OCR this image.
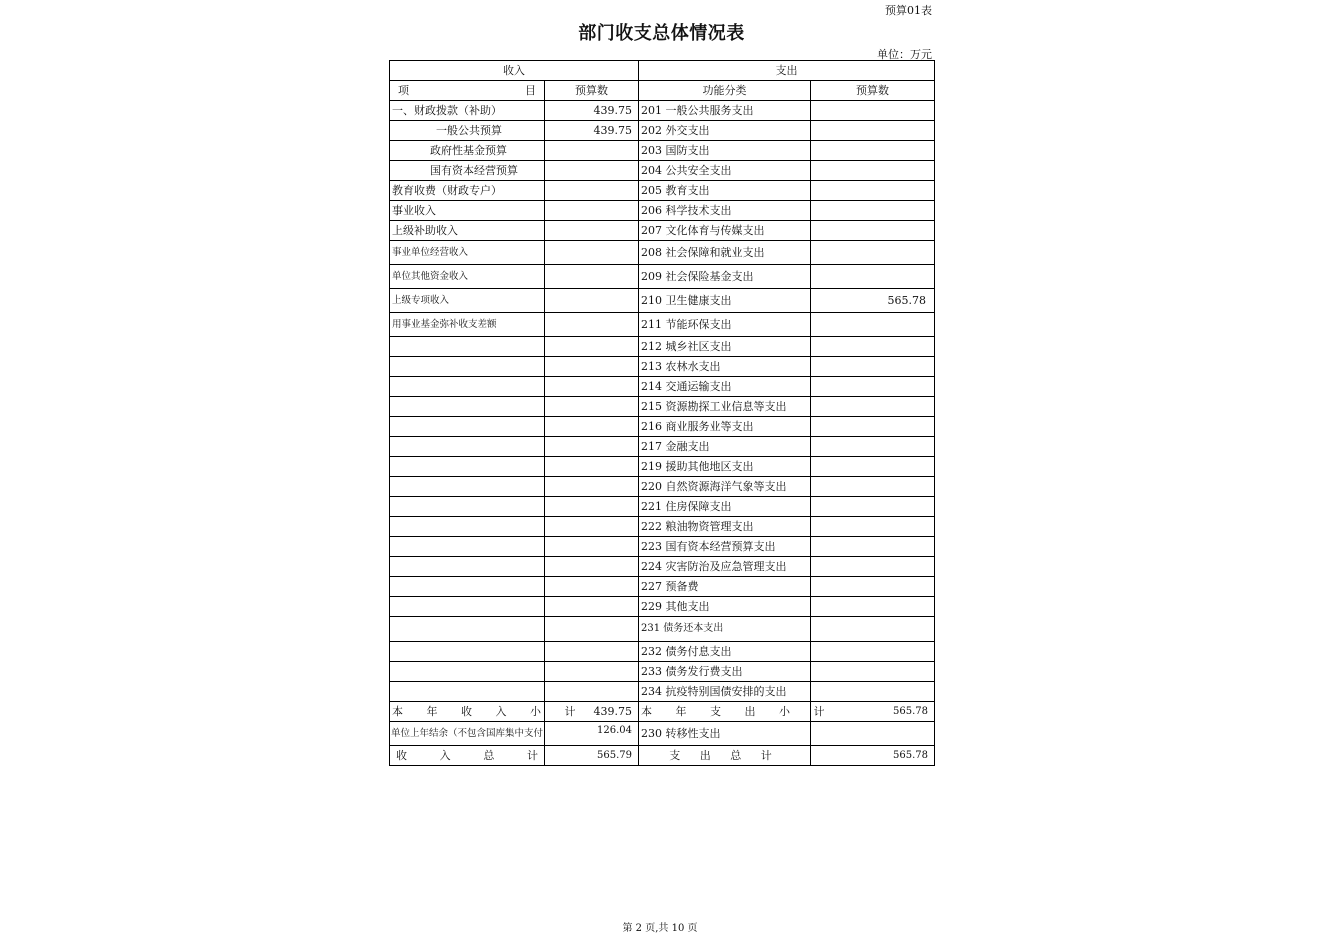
预算01表
部门收支总体情况表
单位：万元
收入		支出	

项 目	预算数	功能分类	预算数
一、财政拨款（补助）	439.75	201 一般公共服务支出	
一般公共预算	439.75	202 外交支出	
政府性基金预算		203 国防支出	
国有资本经营预算		204 公共安全支出	
教育收费（财政专户）		205 教育支出	
事业收入		206 科学技术支出	
上级补助收入		207 文化体育与传媒支出	
事业单位经营收入		208 社会保障和就业支出	
单位其他资金收入		209 社会保险基金支出	
上级专项收入		210 卫生健康支出	565.78
用事业基金弥补收支差额		211 节能环保支出	
		212 城乡社区支出	
		213 农林水支出	
		214 交通运输支出	
		215 资源勘探工业信息等支出	
		216 商业服务业等支出	
		217 金融支出	
		219 援助其他地区支出	
		220 自然资源海洋气象等支出	
		221 住房保障支出	
		222 粮油物资管理支出	
		223 国有资本经营预算支出	
		224 灾害防治及应急管理支出	
		227 预备费	
		229 其他支出	
		231 债务还本支出	
		232 债务付息支出	
		233 债务发行费支出	
		234 抗疫特别国债安排的支出	
本 年 收 入 小 计	439.75	本 年 支 出 小 计	565.78
单位上年结余（不包含国库集中支付	126.04	230 转移性支出	
收 入 总 计	565.79	支 出 总 计	565.78
第 2 页,共 10 页
